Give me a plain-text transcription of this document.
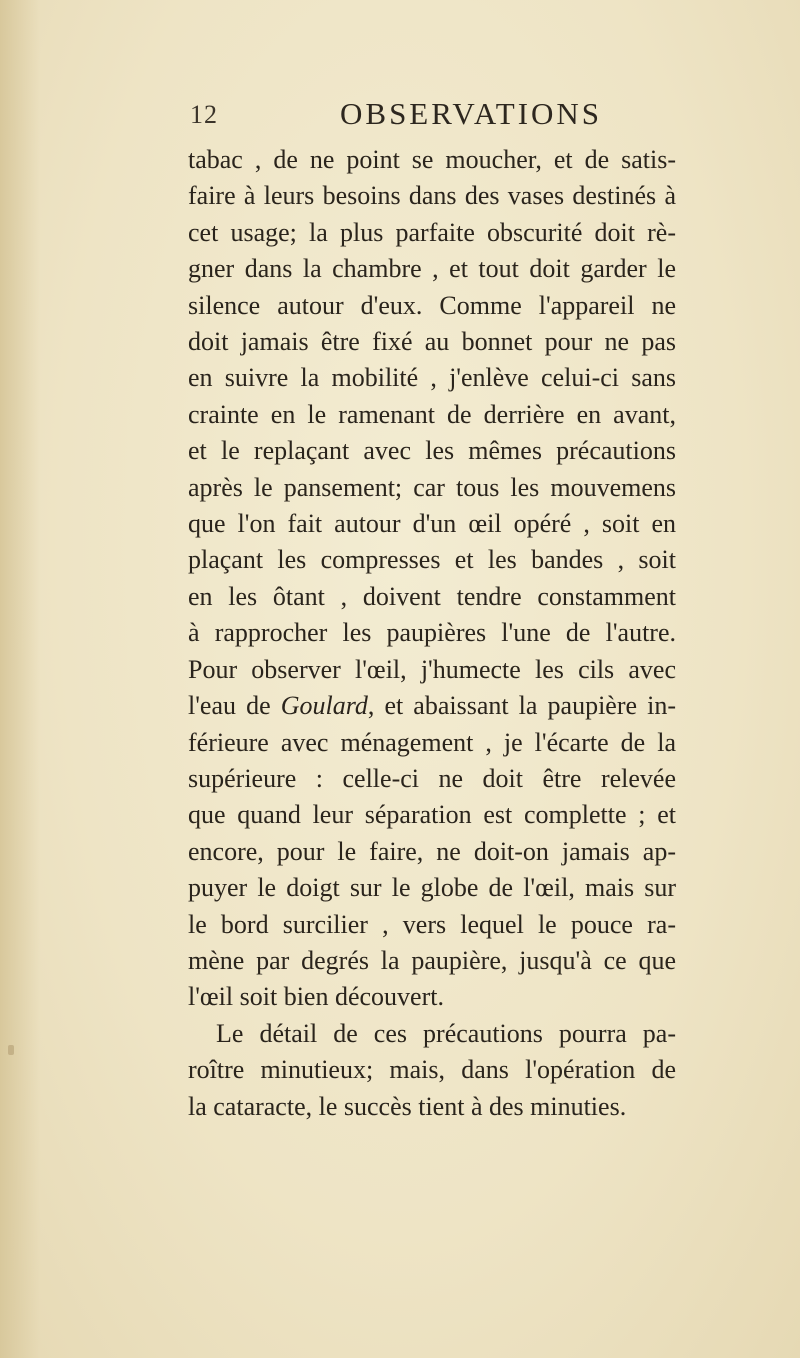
12	OBSERVATIONS
tabac , de ne point se moucher, et de satis-
faire à leurs besoins dans des vases destinés à
cet usage; la plus parfaite obscurité doit rè-
gner dans la chambre , et tout doit garder le
silence autour d'eux. Comme l'appareil ne
doit jamais être fixé au bonnet pour ne pas
en suivre la mobilité , j'enlève celui-ci sans
crainte en le ramenant de derrière en avant,
et le replaçant avec les mêmes précautions
après le pansement; car tous les mouvemens
que l'on fait autour d'un œil opéré , soit en
plaçant les compresses et les bandes , soit
en les ôtant , doivent tendre constamment
à rapprocher les paupières l'une de l'autre.
Pour observer l'œil, j'humecte les cils avec
l'eau de Goulard, et abaissant la paupière in-
férieure avec ménagement , je l'écarte de la
supérieure : celle-ci ne doit être relevée
que quand leur séparation est complette ; et
encore, pour le faire, ne doit-on jamais ap-
puyer le doigt sur le globe de l'œil, mais sur
le bord surcilier , vers lequel le pouce ra-
mène par degrés la paupière, jusqu'à ce que
l'œil soit bien découvert.
Le détail de ces précautions pourra pa-
roître minutieux; mais, dans l'opération de
la cataracte, le succès tient à des minuties.
